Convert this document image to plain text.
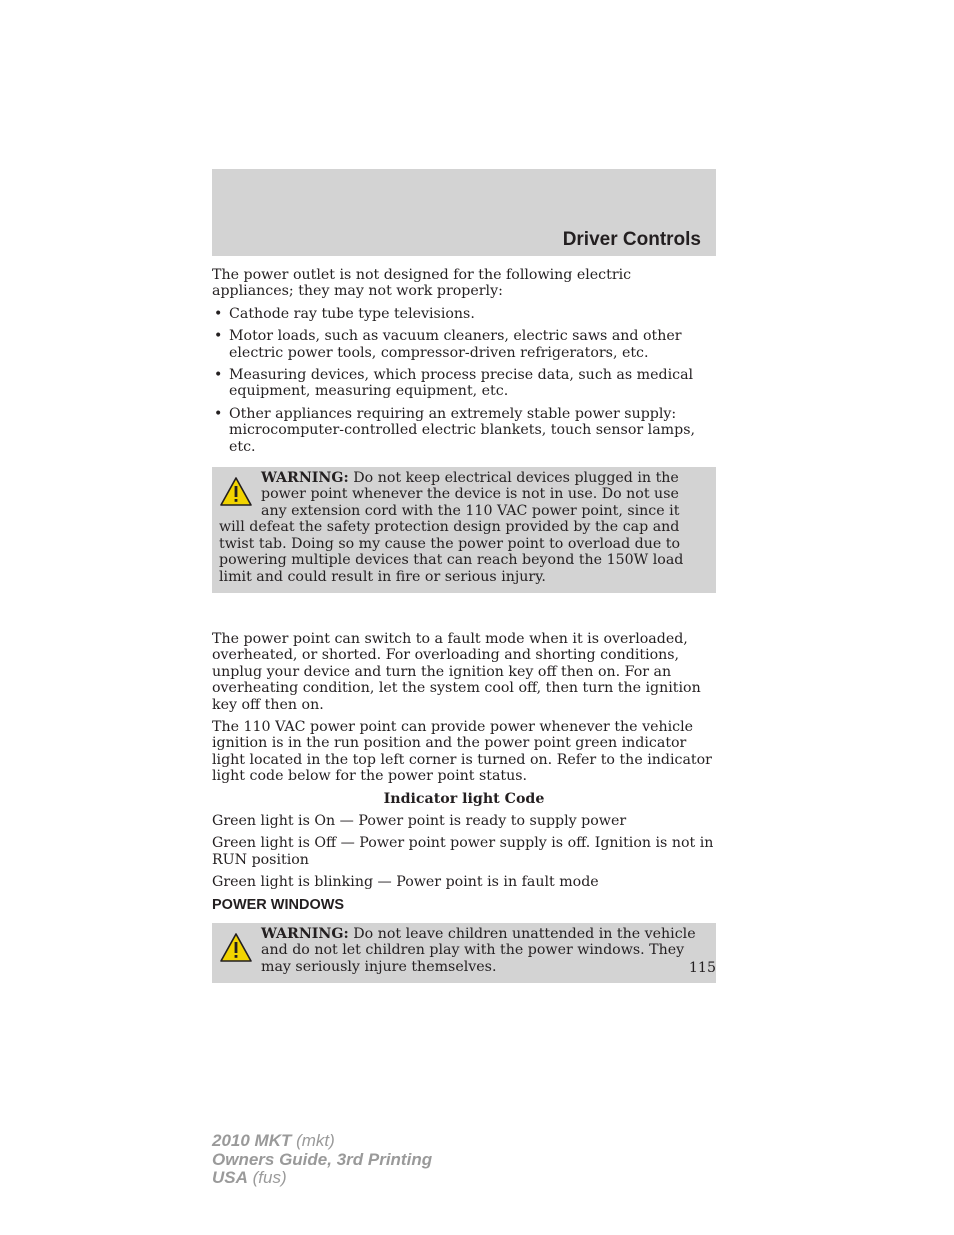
Driver Controls

The power outlet is not designed for the following electric appliances; they may not work properly:

• Cathode ray tube type televisions.
• Motor loads, such as vacuum cleaners, electric saws and other electric power tools, compressor-driven refrigerators, etc.
• Measuring devices, which process precise data, such as medical equipment, measuring equipment, etc.
• Other appliances requiring an extremely stable power supply: microcomputer-controlled electric blankets, touch sensor lamps, etc.
WARNING: Do not keep electrical devices plugged in the power point whenever the device is not in use. Do not use any extension cord with the 110 VAC power point, since it will defeat the safety protection design provided by the cap and twist tab. Doing so my cause the power point to overload due to powering multiple devices that can reach beyond the 150W load limit and could result in fire or serious injury.

The power point can switch to a fault mode when it is overloaded, overheated, or shorted. For overloading and shorting conditions, unplug your device and turn the ignition key off then on. For an overheating condition, let the system cool off, then turn the ignition key off then on.

The 110 VAC power point can provide power whenever the vehicle ignition is in the run position and the power point green indicator light located in the top left corner is turned on. Refer to the indicator light code below for the power point status.

Indicator light Code

Green light is On — Power point is ready to supply power

Green light is Off — Power point power supply is off. Ignition is not in RUN position

Green light is blinking — Power point is in fault mode

POWER WINDOWS
WARNING: Do not leave children unattended in the vehicle and do not let children play with the power windows. They may seriously injure themselves.	115
2010 MKT (mkt)
Owners Guide, 3rd Printing
USA (fus)
